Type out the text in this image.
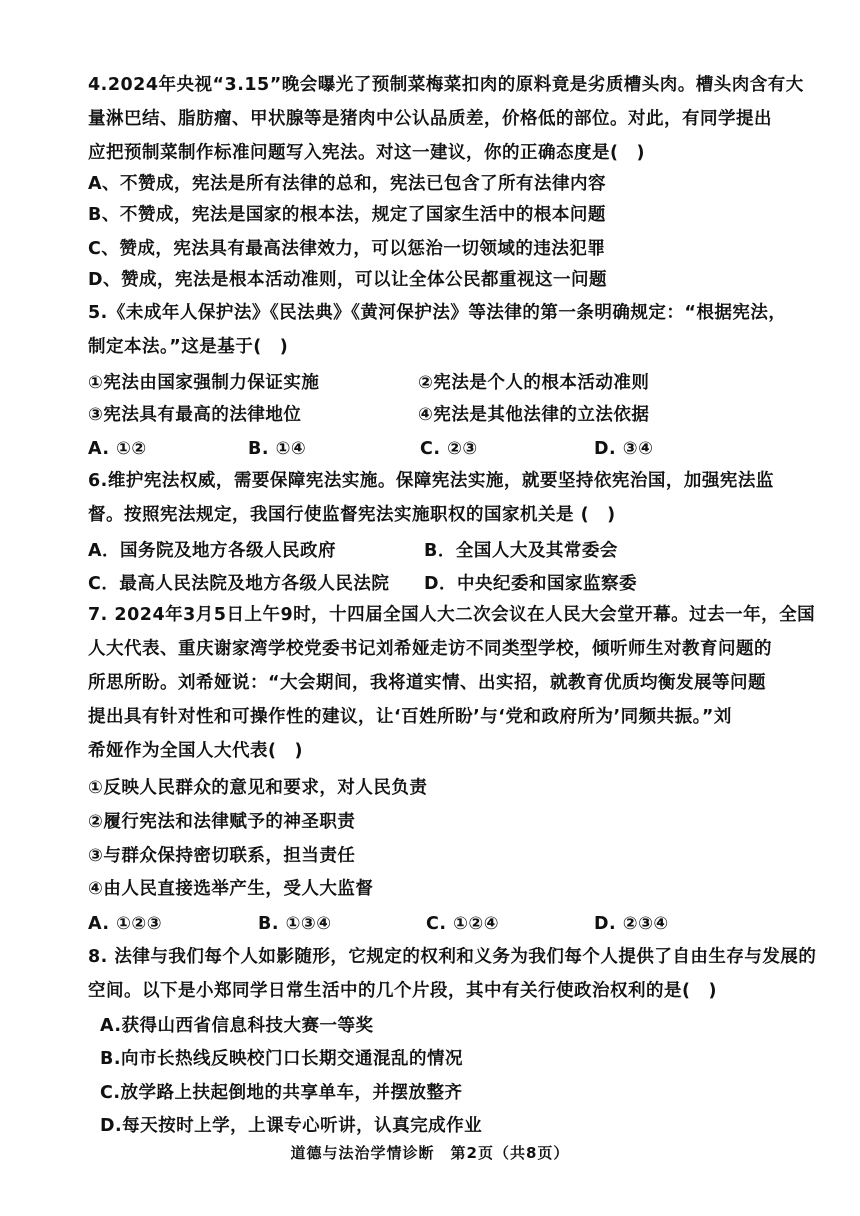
4.2024年央视“3.15”晚会曝光了预制菜梅菜扣肉的原料竟是劣质槽头肉。槽头肉含有大
量淋巴结、脂肪瘤、甲状腺等是猪肉中公认品质差，价格低的部位。对此，有同学提出
应把预制菜制作标准问题写入宪法。对这一建议，你的正确态度是(　)
A、不赞成，宪法是所有法律的总和，宪法已包含了所有法律内容
B、不赞成，宪法是国家的根本法，规定了国家生活中的根本问题
C、赞成，宪法具有最高法律效力，可以惩治一切领域的违法犯罪
D、赞成，宪法是根本活动准则，可以让全体公民都重视这一问题
5.《未成年人保护法》《民法典》《黄河保护法》等法律的第一条明确规定：“根据宪法，
制定本法。”这是基于(　)
①宪法由国家强制力保证实施	②宪法是个人的根本活动准则
③宪法具有最高的法律地位	④宪法是其他法律的立法依据
A. ①②	B. ①④	C. ②③	D. ③④
6.维护宪法权威，需要保障宪法实施。保障宪法实施，就要坚持依宪治国，加强宪法监
督。按照宪法规定，我国行使监督宪法实施职权的国家机关是 (　)
A．国务院及地方各级人民政府	B．全国人大及其常委会
C．最高人民法院及地方各级人民法院 D．中央纪委和国家监察委
7. 2024年3月5日上午9时，十四届全国人大二次会议在人民大会堂开幕。过去一年，全国
人大代表、重庆谢家湾学校党委书记刘希娅走访不同类型学校，倾听师生对教育问题的
所思所盼。刘希娅说：“大会期间，我将道实情、出实招，就教育优质均衡发展等问题
提出具有针对性和可操作性的建议，让‘百姓所盼’与‘党和政府所为’同频共振。”刘
希娅作为全国人大代表(　)
①反映人民群众的意见和要求，对人民负责
②履行宪法和法律赋予的神圣职责
③与群众保持密切联系，担当责任
④由人民直接选举产生，受人大监督
A. ①②③	B. ①③④	C. ①②④	D. ②③④
8. 法律与我们每个人如影随形，它规定的权利和义务为我们每个人提供了自由生存与发展的
空间。以下是小郑同学日常生活中的几个片段，其中有关行使政治权利的是(　)
A.获得山西省信息科技大赛一等奖
B.向市长热线反映校门口长期交通混乱的情况
C.放学路上扶起倒地的共享单车，并摆放整齐
D.每天按时上学，上课专心听讲，认真完成作业
道德与法治学情诊断　第2页（共8页）
